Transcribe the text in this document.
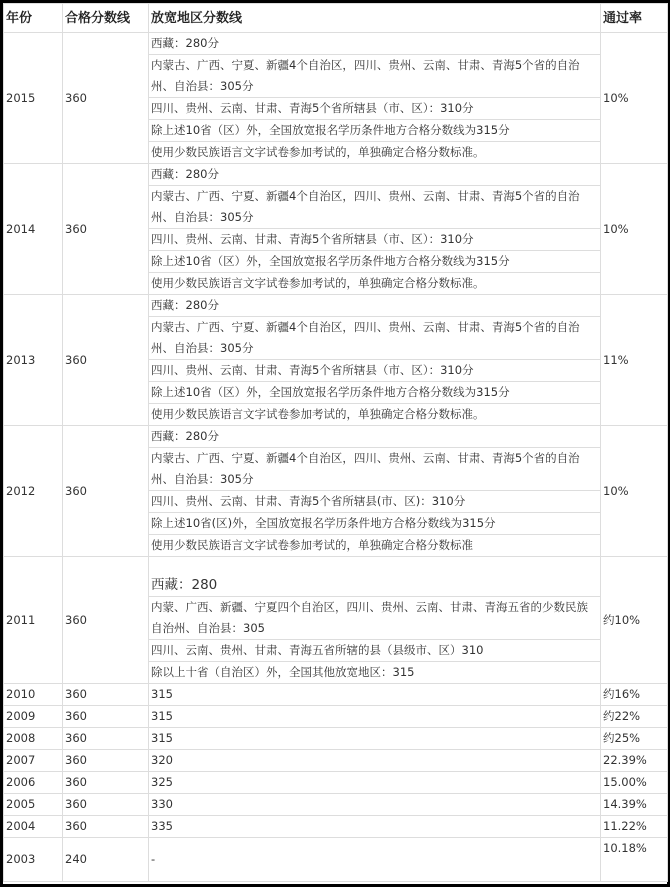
年份	合格分数线	放宽地区分数线	通过率
2015	360	西藏：280分
内蒙古、广西、宁夏、新疆4个自治区，四川、贵州、云南、甘肃、青海5个省的自治州、自治县：305分
四川、贵州、云南、甘肃、青海5个省所辖县（市、区）：310分
除上述10省（区）外，全国放宽报名学历条件地方合格分数线为315分
使用少数民族语言文字试卷参加考试的，单独确定合格分数标准。	10%
2014	360	西藏：280分
内蒙古、广西、宁夏、新疆4个自治区，四川、贵州、云南、甘肃、青海5个省的自治州、自治县：305分
四川、贵州、云南、甘肃、青海5个省所辖县（市、区）：310分
除上述10省（区）外，全国放宽报名学历条件地方合格分数线为315分
使用少数民族语言文字试卷参加考试的，单独确定合格分数标准。	10%
2013	360	西藏：280分
内蒙古、广西、宁夏、新疆4个自治区，四川、贵州、云南、甘肃、青海5个省的自治州、自治县：305分
四川、贵州、云南、甘肃、青海5个省所辖县（市、区）：310分
除上述10省（区）外，全国放宽报名学历条件地方合格分数线为315分
使用少数民族语言文字试卷参加考试的，单独确定合格分数标准。	11%
2012	360	西藏：280分
内蒙古、广西、宁夏、新疆4个自治区，四川、贵州、云南、甘肃、青海5个省的自治州、自治县：305分
四川、贵州、云南、甘肃、青海5个省所辖县(市、区)：310分
除上述10省(区)外，全国放宽报名学历条件地方合格分数线为315分
使用少数民族语言文字试卷参加考试的，单独确定合格分数标准	10%
2011	360	西藏：280
内蒙、广西、新疆、宁夏四个自治区，四川、贵州、云南、甘肃、青海五省的少数民族自治州、自治县：305
四川、云南、贵州、甘肃、青海五省所辖的县（县级市、区）310
除以上十省（自治区）外，全国其他放宽地区：315	约10%
2010	360	315	约16%
2009	360	315	约22%
2008	360	315	约25%
2007	360	320	22.39%
2006	360	325	15.00%
2005	360	330	14.39%
2004	360	335	11.22%
2003	240	-	10.18%
